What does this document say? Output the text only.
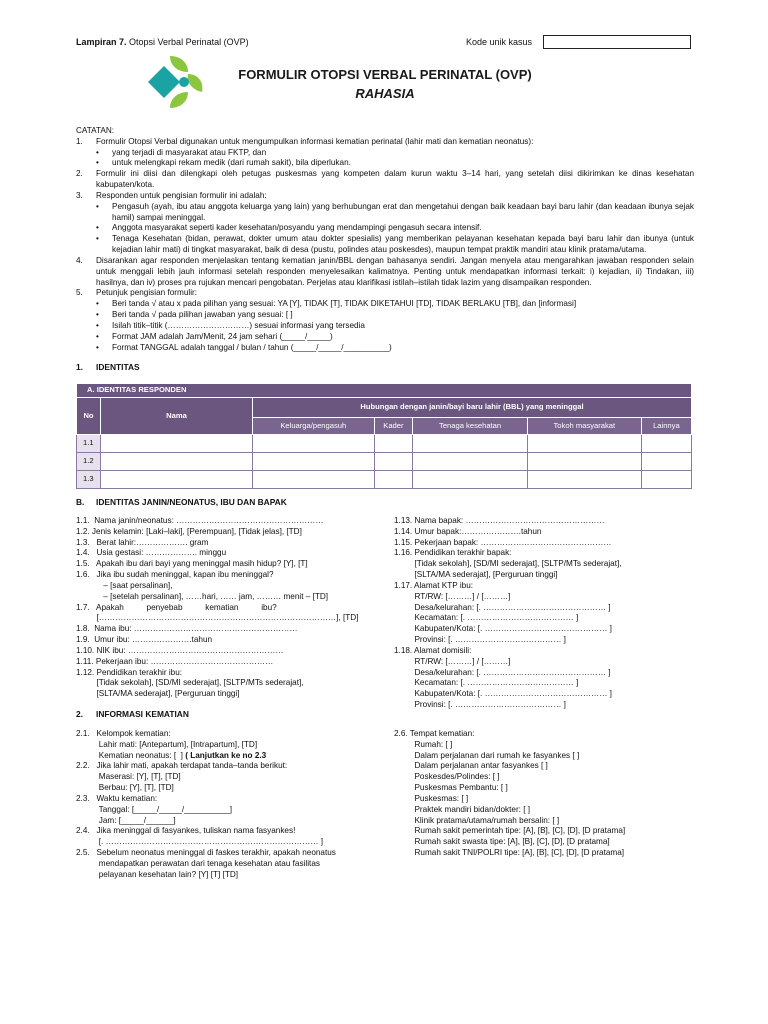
Lampiran 7. Otopsi Verbal Perinatal (OVP)	Kode unik kasus
FORMULIR OTOPSI VERBAL PERINATAL (OVP)
RAHASIA
CATATAN:
1.	Formulir Otopsi Verbal digunakan untuk mengumpulkan informasi kematian perinatal (lahir mati dan kematian neonatus):
•	yang terjadi di masyarakat atau FKTP, dan
•	untuk melengkapi rekam medik (dari rumah sakit), bila diperlukan.
2.	Formulir ini diisi dan dilengkapi oleh petugas puskesmas yang kompeten dalam kurun waktu 3–14 hari, yang setelah diisi dikirimkan ke dinas kesehatan kabupaten/kota.
3.	Responden untuk pengisian formulir ini adalah:
•	Pengasuh (ayah, ibu atau anggota keluarga yang lain) yang berhubungan erat dan mengetahui dengan baik keadaan bayi baru lahir (dan keadaan ibunya sejak hamil) sampai meninggal.
•	Anggota masyarakat seperti kader kesehatan/posyandu yang mendampingi pengasuh secara intensif.
•	Tenaga Kesehatan (bidan, perawat, dokter umum atau dokter spesialis) yang memberikan pelayanan kesehatan kepada bayi baru lahir dan ibunya (untuk kejadian lahir mati) di tingkat masyarakat, baik di desa (pustu, polindes atau poskesdes), maupun tempat praktik mandiri atau klinik pratama/utama.
4.	Disarankan agar responden menjelaskan tentang kematian janin/BBL dengan bahasanya sendiri. Jangan menyela atau mengarahkan jawaban responden selain untuk menggali lebih jauh informasi setelah responden menyelesaikan kalimatnya. Penting untuk mendapatkan informasi terkait: i) kejadian, ii) Tindakan, iii) hasilnya, dan iv) proses pra rujukan mencari pengobatan. Perjelas atau klarifikasi istilah–istilah tidak lazim yang disampaikan responden.
5.	Petunjuk pengisian formulir:
•	Beri tanda √ atau x pada pilihan yang sesuai: YA [Y], TIDAK [T], TIDAK DIKETAHUI [TD], TIDAK BERLAKU [TB], dan [informasi]
•	Beri tanda √ pada pilihan jawaban yang sesuai: [ ]
•	Isilah titik–titik (…………………………) sesuai informasi yang tersedia
•	Format JAM adalah Jam/Menit, 24 jam sehari (_____/_____)
•	Format TANGGAL adalah tanggal / bulan / tahun (_____/_____/__________)
1. IDENTITAS
A. IDENTITAS RESPONDEN						
No	Nama	Hubungan dengan janin/bayi baru lahir (BBL) yang meninggal				
		Keluarga/pengasuh	Kader	Tenaga kesehatan	Tokoh masyarakat	Lainnya
1.1						
1.2						
1.3						
B. IDENTITAS JANIN/NEONATUS, IBU DAN BAPAK
1.1.  Nama janin/neonatus: ………………………………………………
1.2. Jenis kelamin: [Laki–laki], [Perempuan], [Tidak jelas], [TD]
1.3.   Berat lahir:………………. gram
1.4.   Usia gestasi: ………………. minggu
1.5.   Apakah ibu dari bayi yang meninggal masih hidup? [Y], [T]
1.6.   Jika ibu sudah meninggal, kapan ibu meninggal?
– [saat persalinan],
– [setelah persalinan], ……hari, …… jam, ……… menit – [TD]
1.7.   Apakah          penyebab          kematian          ibu?
[……………………………………………………………………………], [TD]
1.8.  Nama ibu: ……………………………………………………
1.9.  Umur ibu: ………………….tahun
1.10. NIK ibu: …………………………………………………
1.11. Pekerjaan ibu: ………………………………………
1.12. Pendidikan terakhir ibu:
[Tidak sekolah], [SD/MI sederajat], [SLTP/MTs sederajat],
[SLTA/MA sederajat], [Perguruan tinggi]
1.13. Nama bapak: ……………………………………………
1.14. Umur bapak:………………….tahun
1.15. Pekerjaan bapak: …………………………………………
1.16. Pendidikan terakhir bapak:
[Tidak sekolah], [SD/MI sederajat], [SLTP/MTs sederajat],
[SLTA/MA sederajat], [Perguruan tinggi]
1.17. Alamat KTP ibu:
RT/RW: [………] / [………]
Desa/kelurahan: [. ……………………………………… ]
Kecamatan: [. ………………………………… ]
Kabupaten/Kota: [. ……………………………………… ]
Provinsi: [. ………………………………… ]
1.18. Alamat domisili:
RT/RW: [………] / [………]
Desa/kelurahan: [. ……………………………………… ]
Kecamatan: [. ………………………………… ]
Kabupaten/Kota: [. ……………………………………… ]
Provinsi: [. ………………………………… ]
2. INFORMASI KEMATIAN
2.1.   Kelompok kematian:
Lahir mati: [Antepartum], [Intrapartum], [TD]
Kematian neonatus: [  ] ( Lanjutkan ke no 2.3
2.2.   Jika lahir mati, apakah terdapat tanda–tanda berikut:
Maserasi: [Y], [T], [TD]
Berbau: [Y], [T], [TD]
2.3.   Waktu kematian:
Tanggal: [_____/_____/__________]
Jam: [_____/______]
2.4.   Jika meninggal di fasyankes, tuliskan nama fasyankes!
[. …………………………………………………………………… ]
2.5.   Sebelum neonatus meninggal di faskes terakhir, apakah neonatus
mendapatkan perawatan dari tenaga kesehatan atau fasilitas
pelayanan kesehatan lain? [Y] [T] [TD]
2.6. Tempat kematian:
Rumah: [ ]
Dalam perjalanan dari rumah ke fasyankes [ ]
Dalam perjalanan antar fasyankes [ ]
Poskesdes/Polindes: [ ]
Puskesmas Pembantu: [ ]
Puskesmas: [ ]
Praktek mandiri bidan/dokter: [ ]
Klinik pratama/utama/rumah bersalin: [ ]
Rumah sakit pemerintah tipe: [A], [B], [C], [D], [D pratama]
Rumah sakit swasta tipe: [A], [B], [C], [D], [D pratama]
Rumah sakit TNI/POLRI tipe: [A], [B], [C], [D], [D pratama]
